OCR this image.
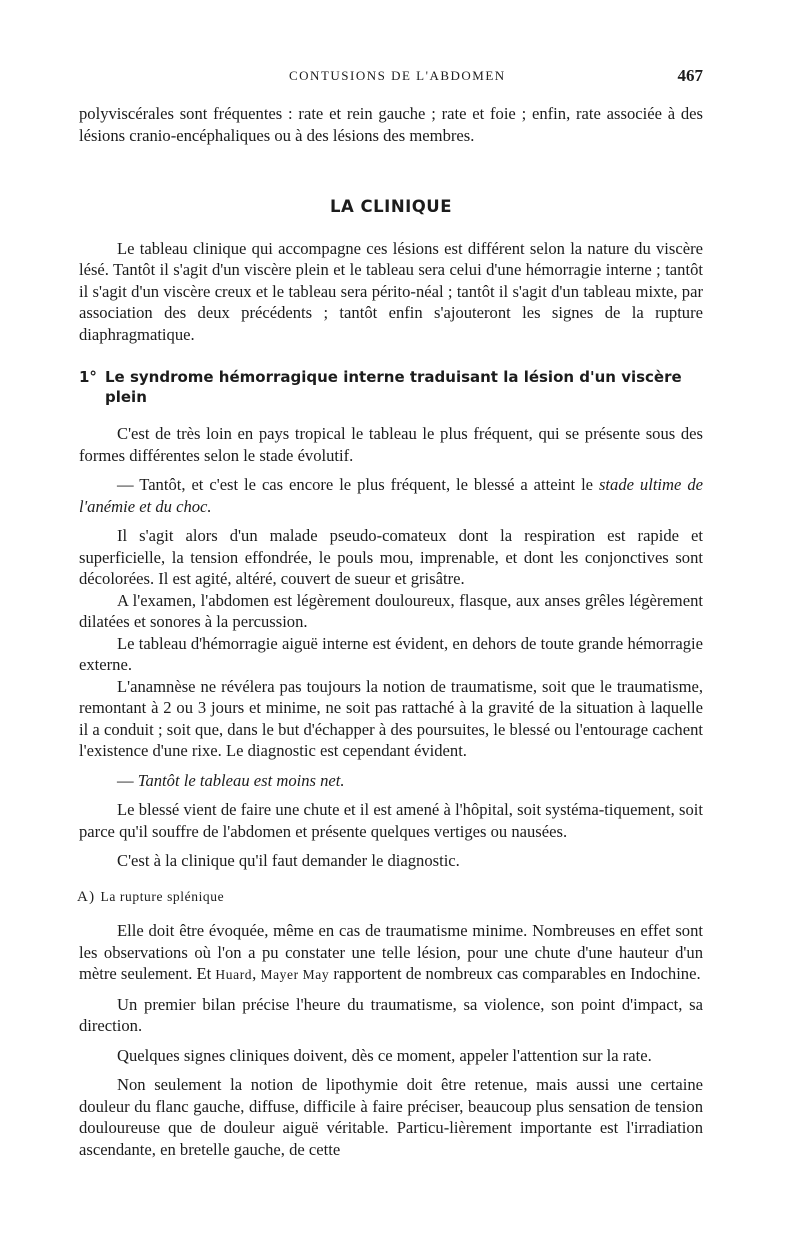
CONTUSIONS DE L'ABDOMEN	467

polyviscérales sont fréquentes : rate et rein gauche ; rate et foie ; enfin, rate associée à des lésions cranio-encéphaliques ou à des lésions des membres.

LA CLINIQUE

Le tableau clinique qui accompagne ces lésions est différent selon la nature du viscère lésé. Tantôt il s'agit d'un viscère plein et le tableau sera celui d'une hémorragie interne ; tantôt il s'agit d'un viscère creux et le tableau sera périto-néal ; tantôt il s'agit d'un tableau mixte, par association des deux précédents ; tantôt enfin s'ajouteront les signes de la rupture diaphragmatique.

1° Le syndrome hémorragique interne traduisant la lésion d'un viscère plein

C'est de très loin en pays tropical le tableau le plus fréquent, qui se présente sous des formes différentes selon le stade évolutif.

— Tantôt, et c'est le cas encore le plus fréquent, le blessé a atteint le stade ultime de l'anémie et du choc.

Il s'agit alors d'un malade pseudo-comateux dont la respiration est rapide et superficielle, la tension effondrée, le pouls mou, imprenable, et dont les conjonctives sont décolorées. Il est agité, altéré, couvert de sueur et grisâtre.

A l'examen, l'abdomen est légèrement douloureux, flasque, aux anses grêles légèrement dilatées et sonores à la percussion.

Le tableau d'hémorragie aiguë interne est évident, en dehors de toute grande hémorragie externe.

L'anamnèse ne révélera pas toujours la notion de traumatisme, soit que le traumatisme, remontant à 2 ou 3 jours et minime, ne soit pas rattaché à la gravité de la situation à laquelle il a conduit ; soit que, dans le but d'échapper à des poursuites, le blessé ou l'entourage cachent l'existence d'une rixe. Le diagnostic est cependant évident.

— Tantôt le tableau est moins net.

Le blessé vient de faire une chute et il est amené à l'hôpital, soit systéma-tiquement, soit parce qu'il souffre de l'abdomen et présente quelques vertiges ou nausées.

C'est à la clinique qu'il faut demander le diagnostic.

A) La rupture splénique

Elle doit être évoquée, même en cas de traumatisme minime. Nombreuses en effet sont les observations où l'on a pu constater une telle lésion, pour une chute d'une hauteur d'un mètre seulement. Et Huard, Mayer May rapportent de nombreux cas comparables en Indochine.

Un premier bilan précise l'heure du traumatisme, sa violence, son point d'impact, sa direction.

Quelques signes cliniques doivent, dès ce moment, appeler l'attention sur la rate.

Non seulement la notion de lipothymie doit être retenue, mais aussi une certaine douleur du flanc gauche, diffuse, difficile à faire préciser, beaucoup plus sensation de tension douloureuse que de douleur aiguë véritable. Particu-lièrement importante est l'irradiation ascendante, en bretelle gauche, de cette
